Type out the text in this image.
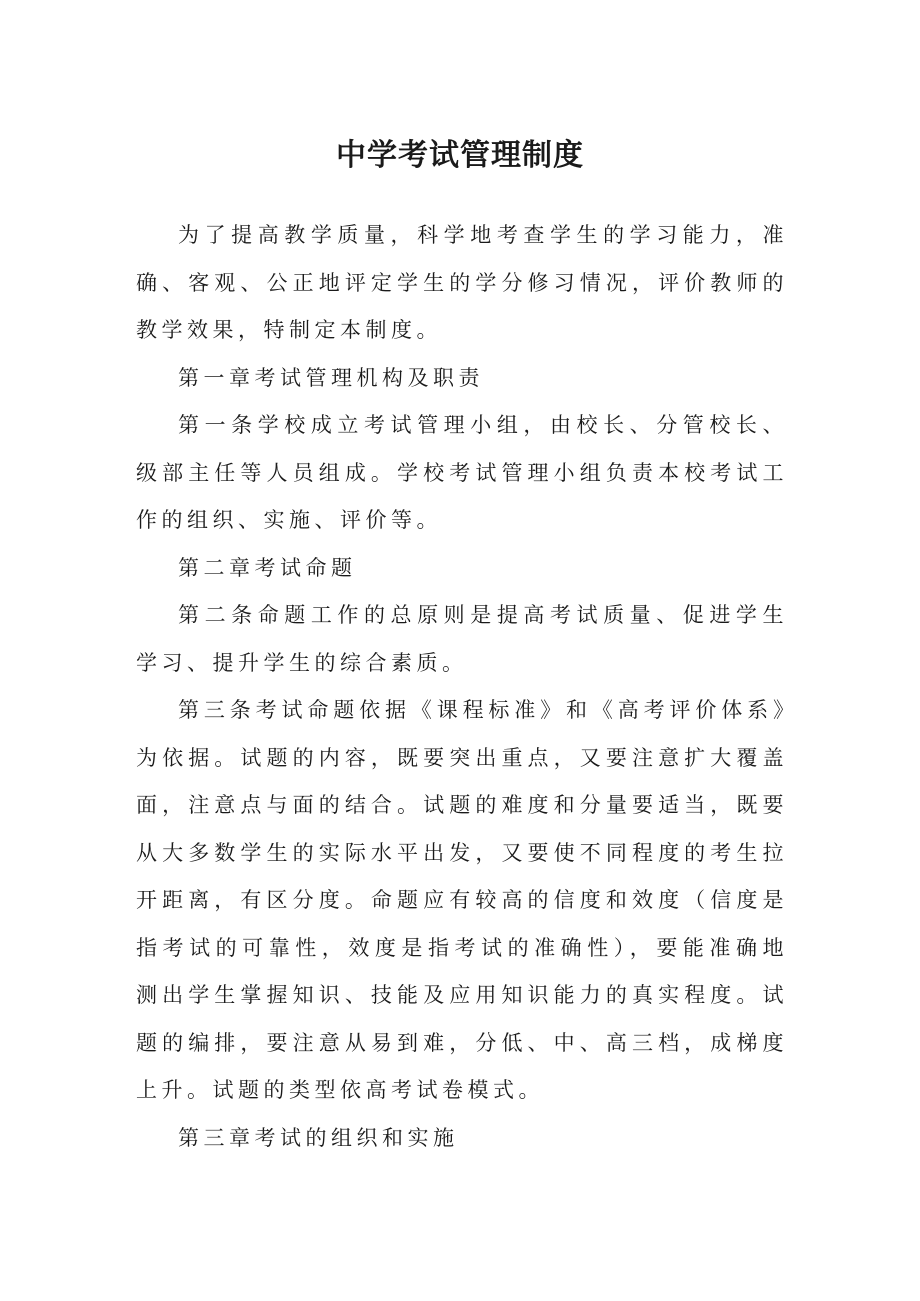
中学考试管理制度

为了提高教学质量，科学地考查学生的学习能力，准确、客观、公正地评定学生的学分修习情况，评价教师的教学效果，特制定本制度。

第一章考试管理机构及职责

第一条学校成立考试管理小组，由校长、分管校长、级部主任等人员组成。学校考试管理小组负责本校考试工作的组织、实施、评价等。

第二章考试命题

第二条命题工作的总原则是提高考试质量、促进学生学习、提升学生的综合素质。

第三条考试命题依据《课程标准》和《高考评价体系》为依据。试题的内容，既要突出重点，又要注意扩大覆盖面，注意点与面的结合。试题的难度和分量要适当，既要从大多数学生的实际水平出发，又要使不同程度的考生拉开距离，有区分度。命题应有较高的信度和效度（信度是指考试的可靠性，效度是指考试的准确性），要能准确地测出学生掌握知识、技能及应用知识能力的真实程度。试题的编排，要注意从易到难，分低、中、高三档，成梯度上升。试题的类型依高考试卷模式。

第三章考试的组织和实施
